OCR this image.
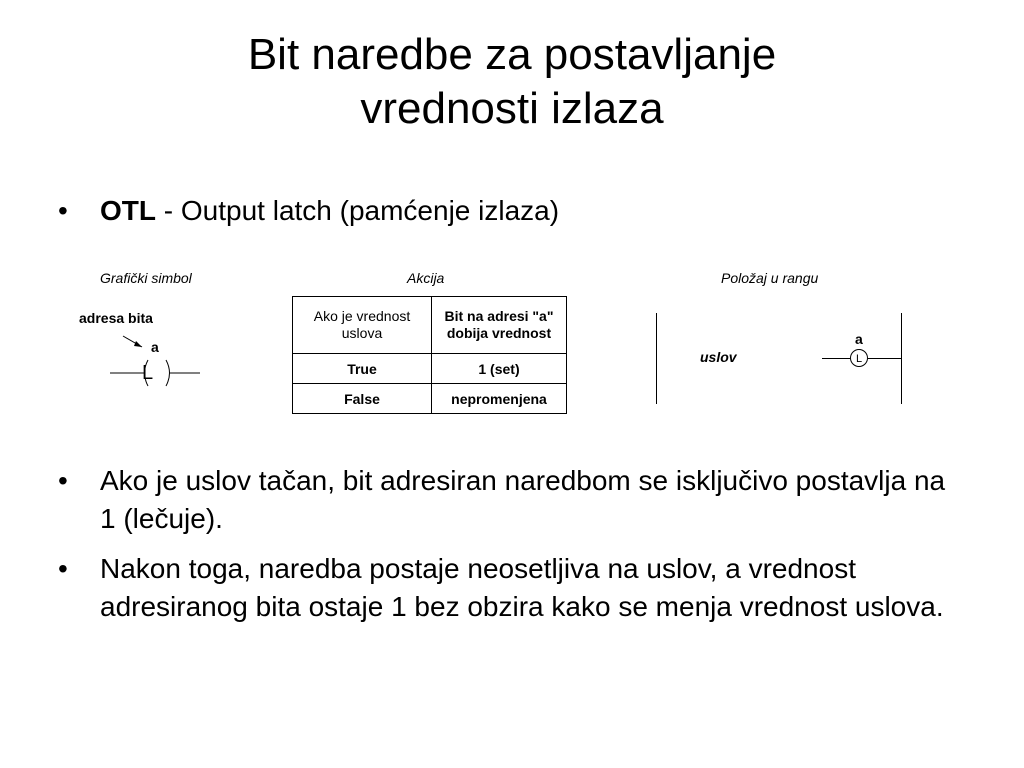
Bit naredbe za postavljanje
vrednosti izlaza
•	OTL - Output latch (pamćenje izlaza)
Grafički simbol	Akcija	Položaj u rangu
adresa bita
a
L
Ako je vrednost uslova	Bit na adresi "a" dobija vrednost
True	1 (set)
False	nepromenjena
uslov	L
a
•	Ako je uslov tačan, bit adresiran naredbom se isključivo postavlja na 1 (lečuje).
•	Nakon toga, naredba postaje neosetljiva na uslov, a vrednost adresiranog bita ostaje 1 bez obzira kako se menja vrednost uslova.
